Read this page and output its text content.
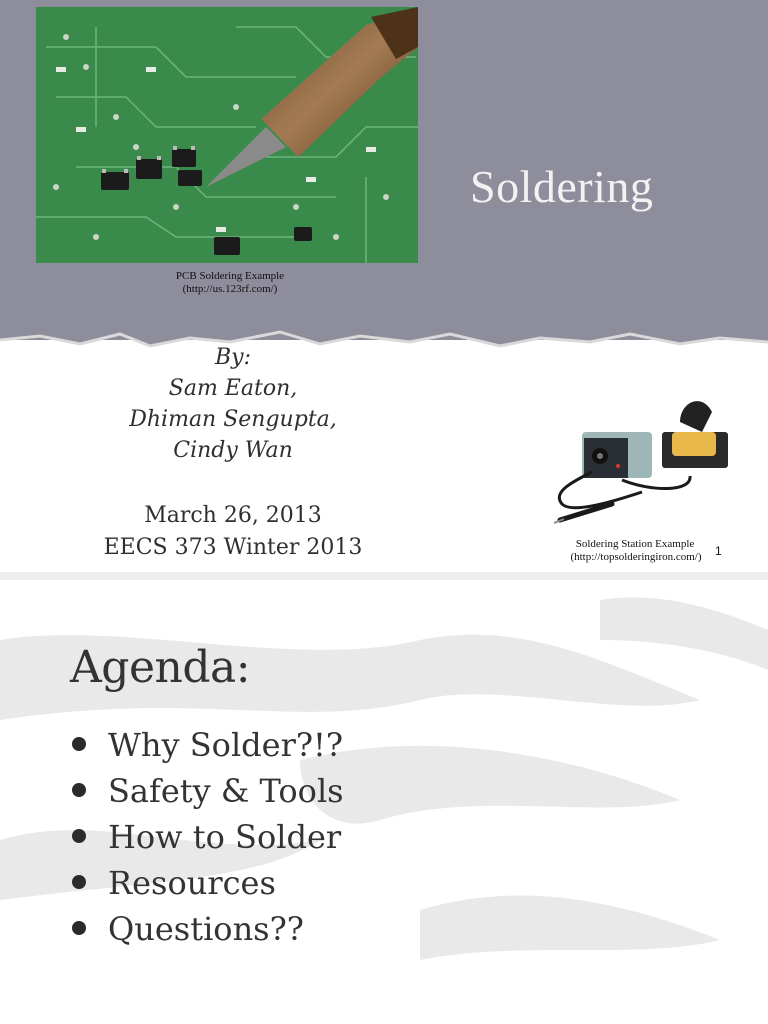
PCB Soldering Example
(http://us.123rf.com/)
Soldering
By:
Sam Eaton,
Dhiman Sengupta,
Cindy Wan
March 26, 2013
EECS 373 Winter 2013	Soldering Station Example
(http://topsolderingiron.com/)	1
Agenda:
Why Solder?!?
Safety & Tools
How to Solder
Resources
Questions??
